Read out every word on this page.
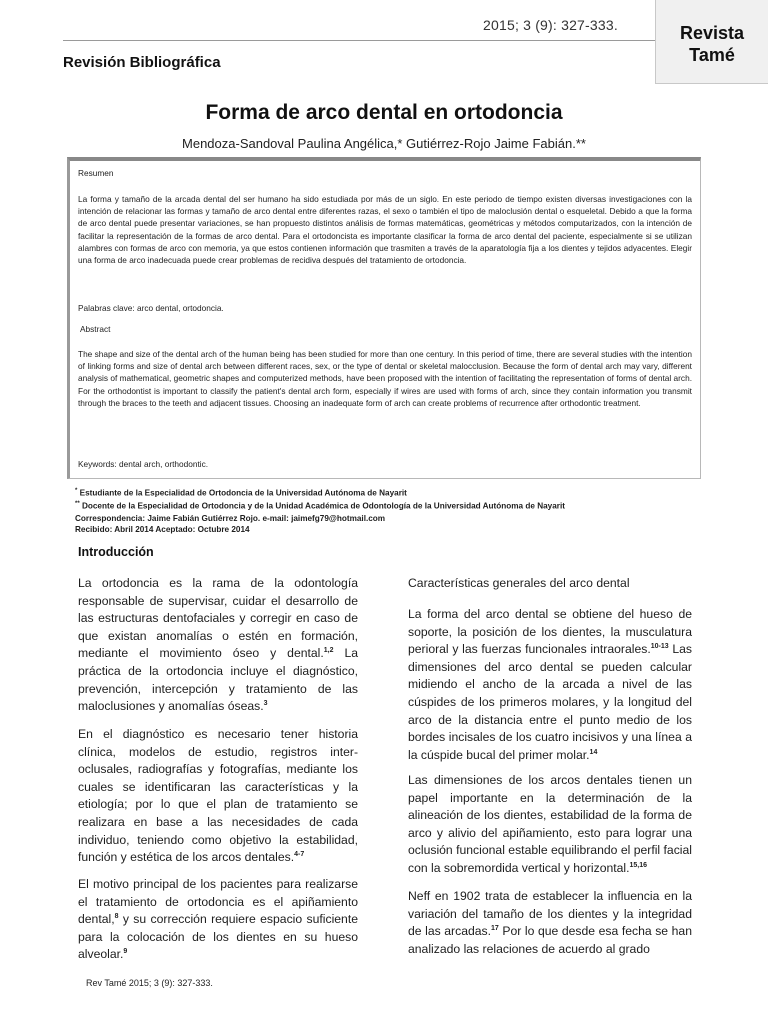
2015; 3 (9): 327-333.	Revista
Tamé
Revisión Bibliográfica
Forma de arco dental en ortodoncia
Mendoza-Sandoval Paulina Angélica,* Gutiérrez-Rojo Jaime Fabián.**
Resumen
La forma y tamaño de la arcada dental del ser humano ha sido estudiada por más de un siglo. En este periodo de tiempo existen diversas investigaciones con la intención de relacionar las formas y tamaño de arco dental entre diferentes razas, el sexo o también el tipo de maloclusión dental o esqueletal. Debido a que la forma de arco dental puede presentar variaciones, se han propuesto distintos análisis de formas matemáticas, geométricas y métodos computarizados, con la intención de facilitar la representación de la formas de arco dental. Para el ortodoncista es importante clasificar la forma de arco dental del paciente, especialmente si se utilizan alambres con formas de arco con memoria, ya que estos contienen información que trasmiten a través de la aparatología fija a los dientes y tejidos adyacentes. Elegir una forma de arco inadecuada puede crear problemas de recidiva después del tratamiento de ortodoncia.
Palabras clave: arco dental, ortodoncia.
Abstract
The shape and size of the dental arch of the human being has been studied for more than one century. In this period of time, there are several studies with the intention of linking forms and size of dental arch between different races, sex, or the type of dental or skeletal malocclusion. Because the form of dental arch may vary, different analysis of mathematical, geometric shapes and computerized methods, have been proposed with the intention of facilitating the representation of forms of dental arch. For the orthodontist is important to classify the patient's dental arch form, especially if wires are used with forms of arch, since they contain information you transmit through the braces to the teeth and adjacent tissues. Choosing an inadequate form of arch can create problems of recurrence after orthodontic treatment.
Keywords: dental arch, orthodontic.
* Estudiante de la Especialidad de Ortodoncia de la Universidad Autónoma de Nayarit
** Docente de la Especialidad de Ortodoncia y de la Unidad Académica de Odontología de la Universidad Autónoma de Nayarit
Correspondencia: Jaime Fabián Gutiérrez Rojo. e-mail: jaimefg79@hotmail.com
Recibido: Abril 2014 Aceptado: Octubre 2014
Introducción
La ortodoncia es la rama de la odontología responsable de supervisar, cuidar el desarrollo de las estructuras dentofaciales y corregir en caso de que existan anomalías o estén en formación, mediante el movimiento óseo y dental.$^{1,2}$ La práctica de la ortodoncia incluye el diagnóstico, prevención, intercepción y tratamiento de las maloclusiones y anomalías óseas.$^3$
En el diagnóstico es necesario tener historia clínica, modelos de estudio, registros inter-oclusales, radiografías y fotografías, mediante los cuales se identificaran las características y la etiología; por lo que el plan de tratamiento se realizara en base a las necesidades de cada individuo, teniendo como objetivo la estabilidad, función y estética de los arcos dentales.$^{4-7}$
El motivo principal de los pacientes para realizarse el tratamiento de ortodoncia es el apiñamiento dental,$^8$ y su corrección requiere espacio suficiente para la colocación de los dientes en su hueso alveolar.$^9$
Características generales del arco dental
La forma del arco dental se obtiene del hueso de soporte, la posición de los dientes, la musculatura perioral y las fuerzas funcionales intraorales.$^{10-13}$ Las dimensiones del arco dental se pueden calcular midiendo el ancho de la arcada a nivel de las cúspides de los primeros molares, y la longitud del arco de la distancia entre el punto medio de los bordes incisales de los cuatro incisivos y una línea a la cúspide bucal del primer molar.$^{14}$
Las dimensiones de los arcos dentales tienen un papel importante en la determinación de la alineación de los dientes, estabilidad de la forma de arco y alivio del apiñamiento, esto para lograr una oclusión funcional estable equilibrando el perfil facial con la sobremordida vertical y horizontal.$^{15,16}$
Neff en 1902 trata de establecer la influencia en la variación del tamaño de los dientes y la integridad de las arcadas.$^{17}$ Por lo que desde esa fecha se han analizado las relaciones de acuerdo al grado
Rev Tamé 2015; 3 (9): 327-333.
